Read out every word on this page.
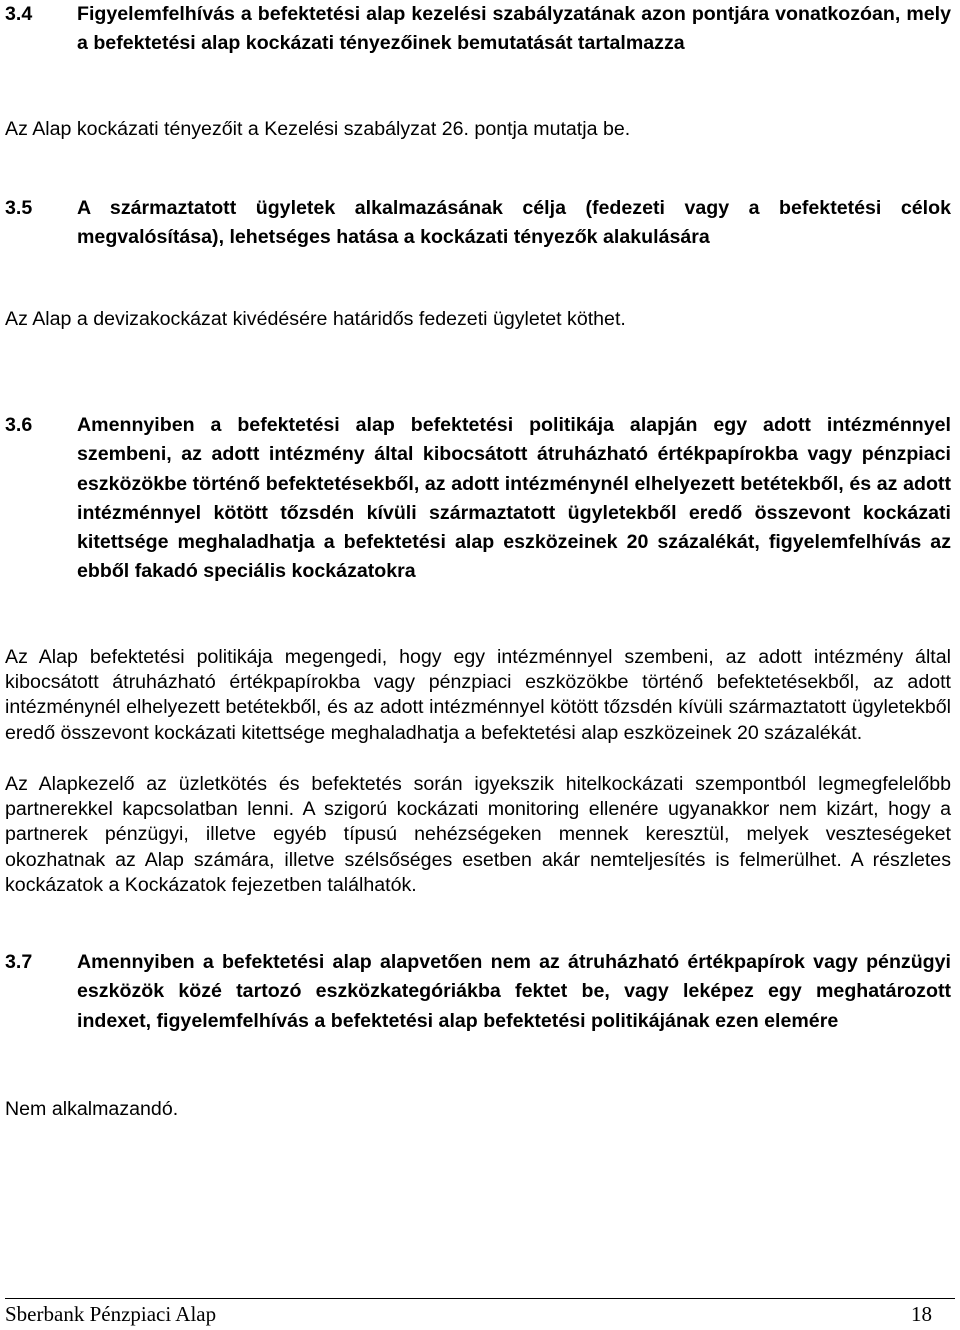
3.4	Figyelemfelhívás a befektetési alap kezelési szabályzatának azon pontjára vonatkozóan, mely a befektetési alap kockázati tényezőinek bemutatását tartalmazza
Az Alap kockázati tényezőit a Kezelési szabályzat 26. pontja mutatja be.
3.5	A származtatott ügyletek alkalmazásának célja (fedezeti vagy a befektetési célok megvalósítása), lehetséges hatása a kockázati tényezők alakulására
Az Alap a devizakockázat kivédésére határidős fedezeti ügyletet köthet.
3.6	Amennyiben a befektetési alap befektetési politikája alapján egy adott intézménnyel szembeni, az adott intézmény által kibocsátott átruházható értékpapírokba vagy pénzpiaci eszközökbe történő befektetésekből, az adott intézménynél elhelyezett betétekből, és az adott intézménnyel kötött tőzsdén kívüli származtatott ügyletekből eredő összevont kockázati kitettsége meghaladhatja a befektetési alap eszközeinek 20 százalékát, figyelemfelhívás az ebből fakadó speciális kockázatokra
Az Alap befektetési politikája megengedi, hogy egy intézménnyel szembeni, az adott intézmény által kibocsátott átruházható értékpapírokba vagy pénzpiaci eszközökbe történő befektetésekből, az adott intézménynél elhelyezett betétekből, és az adott intézménnyel kötött tőzsdén kívüli származtatott ügyletekből eredő összevont kockázati kitettsége meghaladhatja a befektetési alap eszközeinek 20 százalékát.
Az Alapkezelő az üzletkötés és befektetés során igyekszik hitelkockázati szempontból legmegfelelőbb partnerekkel kapcsolatban lenni. A szigorú kockázati monitoring ellenére ugyanakkor nem kizárt, hogy a partnerek pénzügyi, illetve egyéb típusú nehézségeken mennek keresztül, melyek veszteségeket okozhatnak az Alap számára, illetve szélsőséges esetben akár nemteljesítés is felmerülhet. A részletes kockázatok a Kockázatok fejezetben találhatók.
3.7	Amennyiben a befektetési alap alapvetően nem az átruházható értékpapírok vagy pénzügyi eszközök közé tartozó eszközkategóriákba fektet be, vagy leképez egy meghatározott indexet, figyelemfelhívás a befektetési alap befektetési politikájának ezen elemére
Nem alkalmazandó.
Sberbank Pénzpiaci Alap	18
